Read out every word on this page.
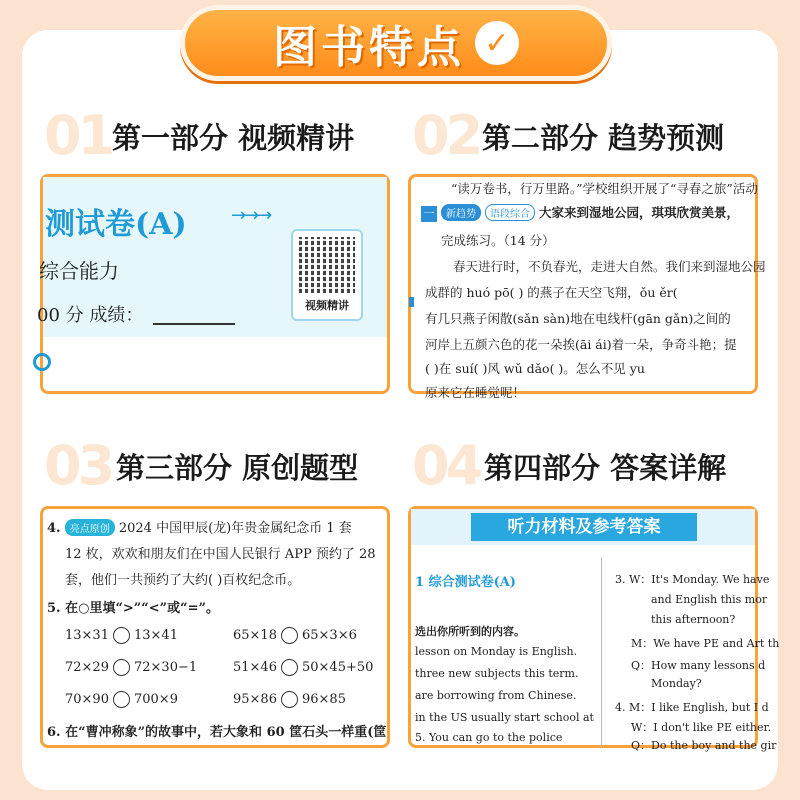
图书特点 ✓
01 第一部分 视频精讲 02 第二部分 趋势预测
03 第三部分 原创题型 04 第四部分 答案详解
测试卷(A) →→→
综合能力
00 分 成绩：	视频精讲
“读万卷书，行万里路。”学校组织开展了“寻春之旅”活动
一 新趋势 语段综合 大家来到湿地公园，琪琪欣赏美景，
完成练习。（14 分）
春天进行时，不负春光，走进大自然。我们来到湿地公园
成群的 huó pō( ) 的燕子在天空飞翔，ǒu ěr(
有几只燕子闲散(sǎn sàn)地在电线杆(gān gǎn)之间的
河岸上五颜六色的花一朵挨(āi ái)着一朵，争奇斗艳；提
( )在 suí( )风 wǔ dǎo( )。怎么不见 yu
原来它在睡觉呢！
4. 亮点原创 2024 中国甲辰(龙)年贵金属纪念币 1 套
12 枚，欢欢和朋友们在中国人民银行 APP 预约了 28
套，他们一共预约了大约( )百枚纪念币。
5. 在○里填“>”“<”或“=”。
13×31 13×41	65×18 65×3×6
72×29 72×30−1	51×46 50×45+50
70×90 700×9	95×86 96×85
6. 在“曹冲称象”的故事中，若大象和 60 筐石头一样重(筐
听力材料及参考答案
1 综合测试卷(A)
选出你所听到的内容。
lesson on Monday is English.
three new subjects this term.
are borrowing from Chinese.
in the US usually start school at
5. You can go to the police
3. W：It's Monday. We have
and English this mor
this afternoon?
M：We have PE and Art th
Q：How many lessons d
Monday?
4. M：I like English, but I d
W：I don't like PE either.
Q：Do the boy and the gir
